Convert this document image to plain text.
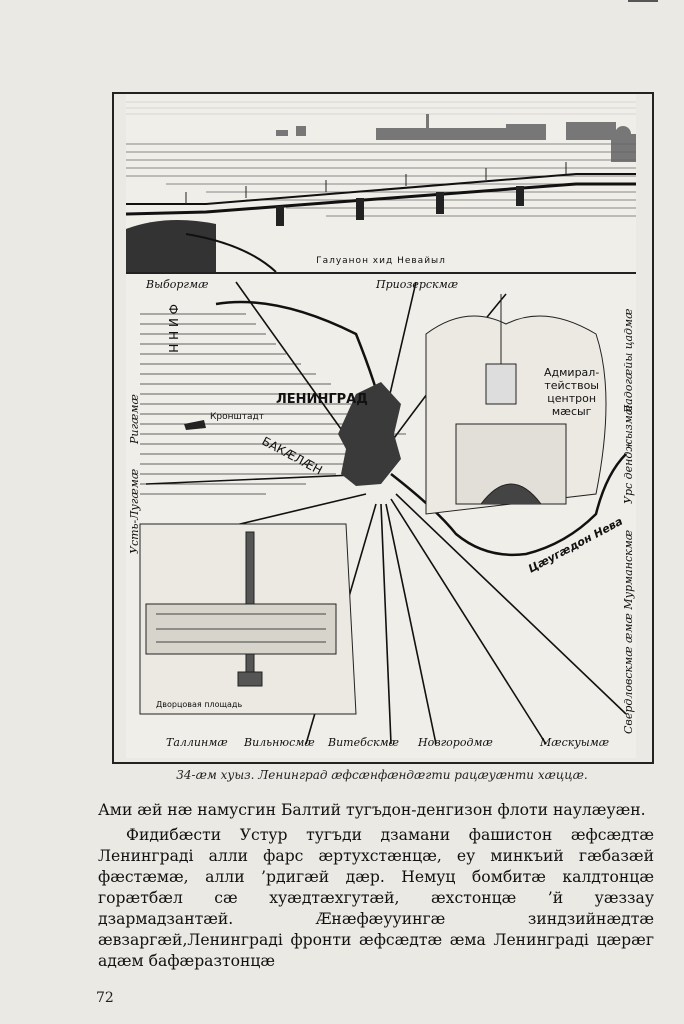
Галуанон хид Невайыл
Выборгмæ	Приозерскмæ
Ладогæйы цадмæ
Урс денджызмæ
Свердловскмæ ӕмæ Мурманскмæ
Ригæмæ
Усть-Лугæмæ
Таллинмæ Вильнюсмæ Витебскмæ Новгородмæ	Мæскуымæ
ЛЕНИНГРАД
Кронштадт
Ф И Н Н
БАКÆЛÆН
Адмирал-
тействоы
центрон
мæсыг
Цæугæдон Нева
Дворцовая площадь
34-æм хуыз. Ленинград æфсæнфæндæгти рацæуæнти хæццæ.

Ами æй нæ намусгин Балтий тугъдон-денгизон флоти наулæуæн.

Фидибæсти Устур тугъди дзамани фашистон æфсæдтæ Ленинградi алли фарс æртухстæнцæ, еу минкъий гæбазæй фæстæмæ, алли ’рдигæй дæр. Немуц бомбитæ калдтонцæ горæтбæл сæ хуæдтæхгутæй, æхстонцæ ’й уæззау дзармадзантæй. Æнæфæууингæ зиндзийнæдтæ æвзаргæй,Ленинградi фронти æфсæдтæ æма Ленинградi цæрæг адæм бафæразтонцæ

72
